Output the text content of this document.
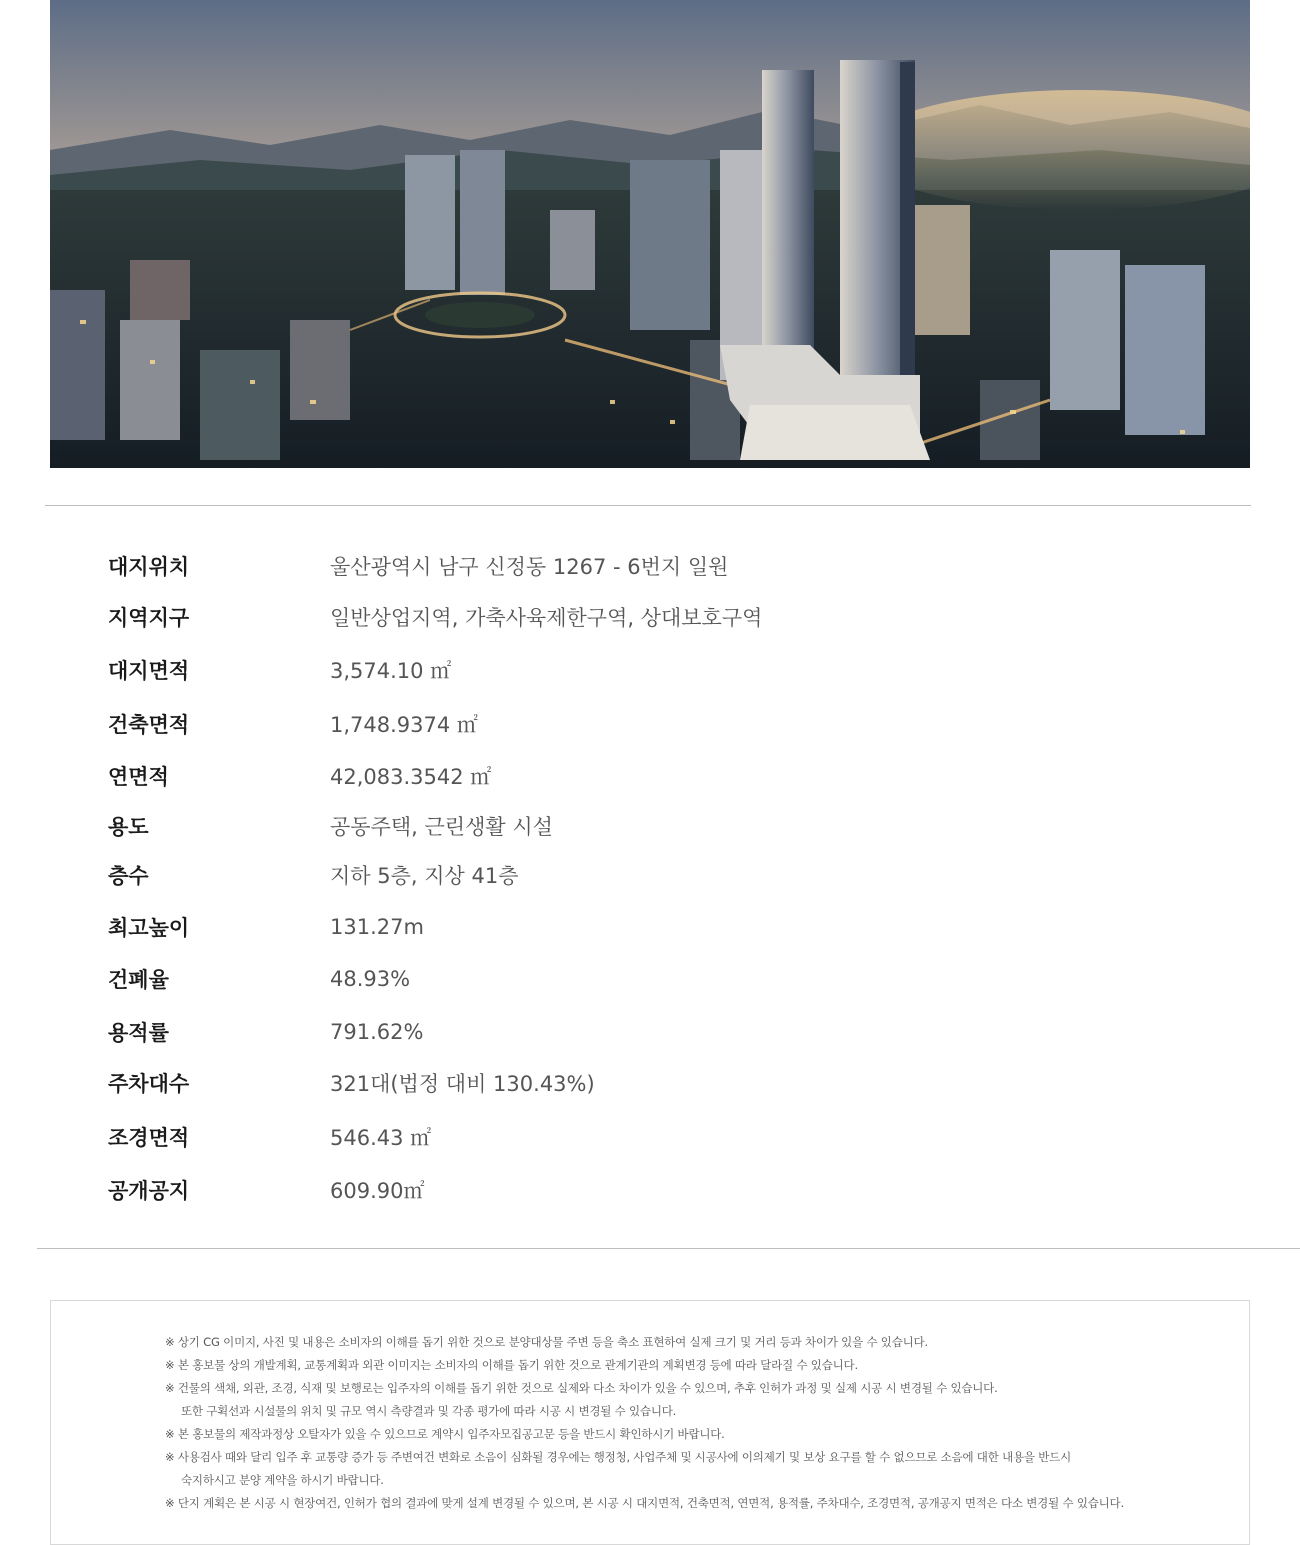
대지위치	울산광역시 남구 신정동 1267 - 6번지 일원
지역지구	일반상업지역, 가축사육제한구역, 상대보호구역
대지면적	3,574.10 ㎡
건축면적	1,748.9374 ㎡
연면적	42,083.3542 ㎡
용도	공동주택, 근린생활 시설
층수	지하 5층, 지상 41층
최고높이	131.27m
건폐율	48.93%
용적률	791.62%
주차대수	321대(법정 대비 130.43%)
조경면적	546.43 ㎡
공개공지	609.90㎡
※ 상기 CG 이미지, 사진 및 내용은 소비자의 이해를 돕기 위한 것으로 분양대상물 주변 등을 축소 표현하여 실제 크기 및 거리 등과 차이가 있을 수 있습니다.
※ 본 홍보물 상의 개발계획, 교통계획과 외관 이미지는 소비자의 이해를 돕기 위한 것으로 관계기관의 계획변경 등에 따라 달라질 수 있습니다.
※ 건물의 색채, 외관, 조경, 식재 및 보행로는 입주자의 이해를 돕기 위한 것으로 실제와 다소 차이가 있을 수 있으며, 추후 인허가 과정 및 실제 시공 시 변경될 수 있습니다.
또한 구획선과 시설물의 위치 및 규모 역시 측량결과 및 각종 평가에 따라 시공 시 변경될 수 있습니다.
※ 본 홍보물의 제작과정상 오탈자가 있을 수 있으므로 계약시 입주자모집공고문 등을 반드시 확인하시기 바랍니다.
※ 사용검사 때와 달리 입주 후 교통량 증가 등 주변여건 변화로 소음이 심화될 경우에는 행정청, 사업주체 및 시공사에 이의제기 및 보상 요구를 할 수 없으므로 소음에 대한 내용을 반드시
숙지하시고 분양 계약을 하시기 바랍니다.
※ 단지 계획은 본 시공 시 현장여건, 인허가 협의 결과에 맞게 설계 변경될 수 있으며, 본 시공 시 대지면적, 건축면적, 연면적, 용적률, 주차대수, 조경면적, 공개공지 면적은 다소 변경될 수 있습니다.
